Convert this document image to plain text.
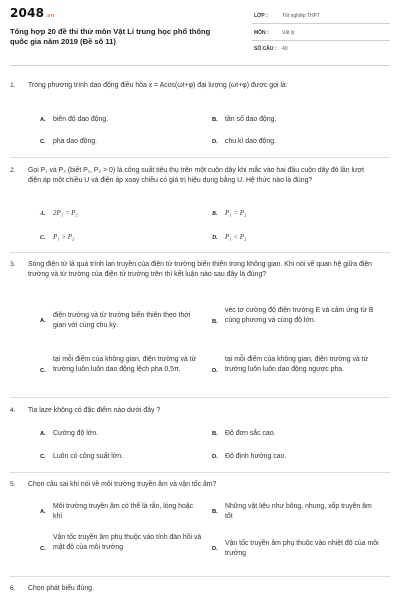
2048.vn
Tổng hợp 20 đề thi thử môn Vật Lí trung học phổ thông quốc gia năm 2019 (Đề số 11)
LỚP :	Tốt nghiệp THPT
MÔN :	Vật lý
SỐ CÂU : 40
1. Trong phương trình dao động điều hòa x = Acos(ωt+φ) đại lượng (ωt+φ) được gọi là:
A. biên độ dao động.	B. tần số dao động.
C. pha dao động.	D. chu kì dao động.
2. Gọi P₁ và P₂ (biết P₁, P₂ > 0) là công suất tiêu thụ trên một cuộn dây khi mắc vào hai đầu cuộn dây đó lần lượt điện áp một chiều U và điện áp xoay chiều có giá trị hiệu dụng bằng U. Hệ thức nào là đúng?
A. 2P₁ = P₂	B. P₁ = P₂
C. P₁ > P₂	D. P₁ < P₂
3. Sóng điện từ là quá trình lan truyền của điện từ trường biến thiên trong không gian. Khi nói về quan hệ giữa điện trường và từ trường của điện từ trường trên thì kết luận nào sau đây là đúng?
A.
điện trường và từ trường biến thiên theo thời gian với cùng chu kỳ.	B.
véc tơ cường độ điện trường E và cảm ứng từ B cùng phương và cùng độ lớn.
C.
tại mỗi điểm của không gian, điện trường và từ trường luôn luôn dao động lệch pha 0,5π.	D.
tại mỗi điểm của không gian, điện trường và từ trường luôn luôn dao động ngược pha.
4. Tia laze không có đặc điểm nào dưới đây ?
A. Cường độ lớn.	B. Độ đơn sắc cao.
C. Luôn có công suất lớn.	D. Độ định hướng cao.
5. Chọn câu sai khi nói về môi trường truyền âm và vận tốc âm?
A.
Môi trường truyền âm có thể là rắn, lỏng hoặc khí
B.
Những vật liệu như bông, nhung, xốp truyền âm tốt
C.
Vận tốc truyền âm phụ thuộc vào tính đàn hồi và mật độ của môi trường	D.
Vận tốc truyền âm phụ thuộc vào nhiệt độ của môi trường
6. Chọn phát biểu đúng.
